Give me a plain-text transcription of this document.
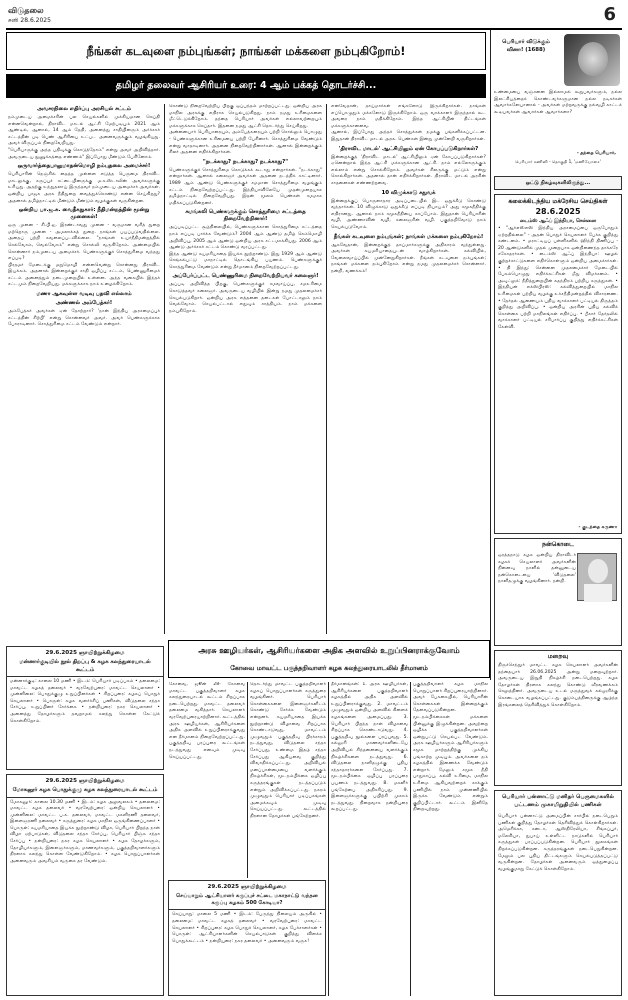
விடுதலை
சனி 28.6.2025	6
நீங்கள் கடவுளை நம்புங்கள்; நாங்கள் மக்களை நம்புகிறோம்!
தமிழர் தலைவர் ஆசிரியர் உரை: 4 ஆம் பக்கத் தொடர்ச்சி...
அவசரநிலை எதிர்ப்பு அரசியல் சட்டம்
நம்முடைய அமைச்சரின் பல செயல்களில் முக்கியமான செய்தி என்னவென்றால், திராவிட மாடல் ஆட்சி மேற்படியும் 2021 ஆம் ஆண்டில், ஆனால், 14 ஆம் தேதி, அனைத்து சாதியினரும் அர்ச்சகர் சட்டத்தின் படி பெண் ஆசிரியை உட்பட அனைவருக்கும் வழங்கியது. அவர் விருப்பம் நிறைவேறியது.
"பெரியாருக்கு அந்த பதிவுக்கு கொடுத்தோம்" என்று அவர் அறிவித்தார். அவருடைய நுணுக்கத்தை எண்ணம்" இப்போது மீண்டும் பேசினோம்.
ஒருவார்த்தைபாலுமாதன்மொழி நம்புதலை அமைச்சர்!
பெரியாரின் நெஞ்சில் தைத்த முள்ளை எடுத்த பெருமை திராவிட மாடலுக்கு, கருப்புச் சட்டையினருக்கு ம.க.ஸ்டாலின் அவர்களுக்கு உரியது. அதற்கு உந்துதலாய் இருந்தவர் நம்முடைய அமைச்சர் அவர்கள். ஒன்றிய பாஜக அரசு நீதிதுறை வைத்துக்கொண்டு என்ன செய்கிறது? அதனால் தமிழ்நாட்டில் மீண்டும் மீண்டும் வழக்குகள் வருகின்றன.
ஒன்றிய பா.ஜ.க. வைதீகநுகார்: நீதிமன்றத்தின் மூன்று முனைகள்!
ஒரு முனை - சி.பி.ஐ. இரண்டாவது முனை - வருமான வரித் துறை மற்றொரு முனை - அமலாக்கத் துறை. நாங்கள் பயப்படுவதில்லை. அதைப் பற்றி கவலைப்படவில்லை. "நாங்கள் உயர்நீதிமன்றத்தில் செல்வோம், வெல்வோம்" என்று சொல்லி வருகிறோம். அண்மையில் சொன்னார் நம்முடைய அமைச்சர். பெண்களுக்குச் சொத்துரிமை வந்தது எப்படி?
பிரதமர் மேடைக்கு மறுமொழி என்னவென்று சொன்னது திராவிட இயக்கம். அதனால் இன்றைக்குச் சாதி ஒழிப்பு சட்டம், பெண்ணுரிமைச் சட்டம் அனைத்தும் நடைமுறையில் உள்ளன. அந்த வகையில் இந்தச் சட்டமும் நிறைவேறியது. மக்களுக்காக நாம் உழைக்கிறோம்.
மணா ஆகவுள்ள வடிவு பதவி எல்லாம்
அண்ணல் அம்பேத்கர்!
அம்பேத்கர் அவர்கள் ஏன் தோற்றார்? 'நான் இந்திய அரசமைப்புச் சட்டத்தின் சிற்பி' என்று சொன்னவர் அவர். அவர் பெண்களுக்காக போராடினார். சொத்துரிமை சட்டம் வேண்டும் என்றார்.
கொண்டு நிறைவேற்றிய பிறகு ஒப்பந்தம் மாற்றப்பட்டது. ஒன்றிய அரசு மாநில அரசுக்கு எதிராக செயல்படுகிறது. நாம் நமது உரிமைகளை மீட்டெடுக்கிறோம். தந்தை பெரியார் அவர்கள் எல்லாவற்றையும் மக்களுக்காக செய்தார். இதனை நமது ஆட்சி தொடர்ந்து செய்கிறது.
அன்னையார் பெரியாரையும், அம்பேத்கரையும் பற்றி சொல்லும் பொழுது - பெண்களுக்கான உரிமையை பற்றி பேசினார். சொத்துரிமை வேண்டும் என்று வாதாடினார். அதனை நிறைவேற்றினார்கள். ஆனால் இன்றைக்கும் சிலர் அதனை எதிர்க்கிறார்கள்.
"நடக்காது? நடக்காது? நடக்காது?"
பெண்களுக்குச் சொத்துரிமை கொடுக்கக் கூடாது என்றார்கள். "நடக்காது" என்றார்கள். ஆனால் கலைஞர் அவர்கள் அதனை நடத்திக் காட்டினார். 1989 ஆம் ஆண்டு பெண்களுக்குச் சமமான சொத்துரிமை வழங்கும் சட்டம் நிறைவேற்றப்பட்டது. இந்தியாவிலேயே முதன்முறையாக தமிழ்நாட்டில் நிறைவேறியது. இதன் மூலம் பெண்கள் சமமாக மதிக்கப்படுகின்றனர்.
சுமங்கலி பெண்களுக்கும் சொத்துரிமை சட்டத்தை நிறைவேற்றினார்!
அப்படிப்பட்ட சூழ்நிலையில், பெண்களுக்கான சொத்துரிமை சட்டத்தை நாம் எப்படி பார்க்க வேண்டும்? 2004 ஆம் ஆண்டு தமிழ் செம்மொழி அறிவிப்பு, 2005 ஆம் ஆண்டு ஒன்றிய அரசு சட்டமாக்கியது. 2006 ஆம் ஆண்டு அர்ச்சகர் சட்டம் கொண்டு வரப்பட்டது.
இந்த ஆண்டு சுயமரியாதை இயக்க நூற்றாண்டு. இது 1929 ஆம் ஆண்டு செங்கல்பட்டு மாநாட்டில் தொடங்கிய பயணம். பெண்களுக்குச் சொத்துரிமை வேண்டும் என்று தீர்மானம் நிறைவேற்றப்பட்டது.
அப்பேர்ப்பட்ட பெண்ணுரிமை நிறைவேற்றியவர் கலைஞர்!
அப்படி அறிவித்த பிறகு, பெண்களுக்குச் சமவாய்ப்பு, சமஉரிமை கொடுத்தவர் கலைஞர். அவருடைய வழியில் இன்று நமது முதலமைச்சர் செயல்படுகிறார். ஒன்றிய அரசு எத்தனை தடைகள் போட்டாலும் நாம் வெல்வோம். செயல்பட்டால் எதுவும் சாத்தியம். நாம் மக்களை நம்புகிறோம்.
எனவேதான், தாய்மார்கள் எங்களோடு இருக்கிறார்கள். நாங்கள் எப்பொழுதும் மக்களோடு இருக்கிறோம். ஒரு வாக்காளர் இருந்தால் கூட அவரை நாம் மதிக்கிறோம். இந்த ஆட்சியின் திட்டங்கள் மக்களுக்கானவை.
ஆனால், இப்போது அந்தச் சொத்துக்கள் நமக்கு பங்களிக்கப்பட்டன. இதுதான் திராவிட மாடல் அரசு. பெண்கள் இன்று முன்னேறி வருகிறார்கள்.
'திராவிட மாடல்' ஆட்சியிலும் ஏன் கோபப்படுகிறார்கள்?
இன்றைக்குத் 'திராவிட மாடல்' ஆட்சியிலும் ஏன் கோபப்படுகிறார்கள்? ஏனென்றால் இந்த ஆட்சி மக்களுக்கான ஆட்சி. நாம் எல்லோருக்கும் எல்லாம் என்று சொல்கிறோம். அவர்கள் சிலருக்கு மட்டும் என்று சொல்கிறார்கள். அதனால் தான் எதிர்க்கிறார்கள். திராவிட மாடல் அரசின் சாதனைகள் எண்ணற்றவை.
10 விழுக்காடு சதுவக்
இன்றைக்குப் பொருளாதார அடிப்படையில் இட ஒதுக்கீடு கொண்டு வந்தார்கள். 10 விழுக்காடு ஒதுக்கீடு எப்படி நியாயம்? அது சமூகநீதிக்கு எதிரானது. ஆனால் நாம் சமூகநீதியை காப்போம். இதுதான் பெரியாரின் வழி, அண்ணாவின் வழி, கலைஞரின் வழி. பகுத்தறிவோடு நாம் செயல்படுவோம்.
நீங்கள் கடவுளை நம்புங்கள்; நாங்கள் மக்களை நம்புகிறோம்!
ஆகவேதான், இன்றைக்குத் தாய்மார்களுக்கு அதிகாரம் வந்துள்ளது. அவர்கள் சுயமரியாதையுடன் வாழ்கிறார்கள். கல்வியில், வேலைவாய்ப்பில் முன்னேறுகிறார்கள். நீங்கள் கடவுளை நம்புங்கள்; நாங்கள் மக்களை நம்புகிறோம் என்று நமது முதலமைச்சர் சொன்னார். நன்றி, வணக்கம்!
பெரியார் விடுக்கும் வினா! (1688)
உண்மையை வஞ்சனை இல்லாமல் கூறுபவர்களும், நல்ல இலட்சியத்தைக் கொண்டவர்களுமான நல்ல நடிகர்கள் ஆவார்களேயானால் - அவர்கள் மற்றவருக்கு நல்வழி காட்டக் கூடியவர்கள் ஆவார்கள் ஆவார்களா?
- தந்தை பெரியார்,
பெரியார் கணினி - தொகுதி 1, 'மணியோசை'
ஒட்டு நிகழ்வுகளிலிருந்து...
கலைக்கிடந்திய மக்ரேசிய செய்திகள்
28.6.2025
டைம்ஸ் ஆஃப் இந்தியா, சென்னை
• "ஆர்எஸ்எஸ் இந்திய அரசமைப்பை ஒருபோதும் ஏற்றதில்லை" - அதன் பொதுச் செயலாளர் பேச்சு குறித்து கண்டனம். • மராட்டியப் பள்ளிகளில் ஹிந்தி திணிப்பு - 20 ஆண்டுகளில் முதல் முறையாக ஒன்றிணைந்த தாக்கரே சகோதரர்கள். • டைம்ஸ் ஆஃப் இந்தியா: ஊழல் குற்றச்சாட்டுகளை எதிர்கொள்ளும் ஒன்றிய அமைச்சர்கள். • தி இந்து: சென்னை முதலமைச்சர் மேடையில் பேசும்பொழுது எதிர்க்கட்சிகள் மீது விமர்சனம். • அவுட்லுக்: நீதித்துறையின் சுதந்திரம் பற்றிய கருத்துகள். • இந்தியன் எக்ஸ்பிரஸ்: கல்வித்துறையில் மாநில உரிமைகள் பற்றிய வழக்கு உச்சநீதிமன்றத்தில் விசாரணை. • தேர்தல் ஆணையம் புதிய வாக்காளர் பட்டியல் திருத்தம் குறித்து அறிவிப்பு. • ஒன்றிய அரசின் புதிய கல்விக் கொள்கை பற்றி மாநிலங்கள் எதிர்ப்பு. • பீகார் தேர்தலில் வாக்காளர் பட்டியல் சரிபார்ப்பு குறித்து எதிர்க்கட்சிகள் கேள்வி.
- குடந்தை கருணா
நன்கொடை
ஒரத்தநாடு கழக ஒன்றிய திராவிடர் கழகச் செயலாளர் அவர்களின் நினைவு நாளில் தன்னுடைய நன்கொடையை 'விடுதலை' நாளிதழுக்கு வழங்கினார். நன்றி.
மறைவு
திருச்செந்தூர் மாவட்ட கழக செயலாளர் அவர்களின் தந்தையார் 26.06.2025 அன்று மறைவுற்றார். அவருடைய இறுதி நிகழ்ச்சி நடைபெற்றது. கழக தோழர்கள் திரளாக கலந்து கொண்டு வீரவணக்கம் செலுத்தினர். அவருடைய உடல் மருத்துவக் கல்லூரிக்கு கொடையாக வழங்கப்பட்டது. குடும்பத்தினருக்கு ஆழ்ந்த இரங்கலைத் தெரிவித்துக் கொள்கிறோம்.
பெரியார் பன்னாட்டு மனிதர் பெருமைகளில் பட்டணம் முகாமிறுதியில் பணிகள்
பெரியார் பன்னாட்டு அமைப்பின் சார்பில் நடைபெறும் பணிகள் குறித்து தோழர்கள் தெரிவித்துக் கொள்கிறார்கள். அமெரிக்கா, கனடா, ஆஸ்திரேலியா, சிங்கப்பூர், மலேசியா, துபாய் உள்ளிட்ட நாடுகளில் பெரியார் கருத்துகள் பரப்பப்படுகின்றன. பெரியார் நூலகங்கள் திறக்கப்படுகின்றன. கருத்தரங்குகள் நடைபெறுகின்றன. மேலும் பல புதிய திட்டங்களும் செயல்படுத்தப்பட்டு வருகின்றன. தோழர்கள் அனைவரும் ஒத்துழைப்பு வழங்குமாறு கேட்டுக் கொள்கிறோம்.
29.6.2025 ஞாயிற்றுக்கிழமை
மன்னார்குடியில் நூல் திறப்பு & கழக கலந்துரையாடல் கூட்டம்
மன்னார்குடி: காலை 10 மணி • இடம்: பெரியார் படிப்பகம் • தலைமை: மாவட்ட கழகத் தலைவர் • வரவேற்புரை: மாவட்ட செயலாளர் • முன்னிலை: பொதுக்குழு உறுப்பினர்கள் • சிறப்புரை: கழகப் பொதுச் செயலாளர் • பொருள்: கழக வளர்ச்சிப் பணிகள், விடுதலை சந்தா சேர்ப்பு, உறுப்பினர் சேர்க்கை • நன்றியுரை: நகர செயலாளர் • அனைத்து தோழர்களும் தவறாமல் கலந்து கொள்ள கேட்டுக் கொள்கிறோம்.
29.6.2025 ஞாயிற்றுக்கிழமை
மோகனூர் கழக பொதுக்குழு கழக கலந்துரையாடல் கூட்டம்
மோகனூர்: காலை 10.30 மணி • இடம்: கழக அலுவலகம் • தலைமை: மாவட்ட கழக தலைவர் • வரவேற்புரை: ஒன்றிய செயலாளர் • முன்னிலை: மாவட்ட ப.க. தலைவர், மாவட்ட மகளிரணி தலைவர், இளைஞரணி தலைவர் • கருத்துரை: கழக மாநில ஒருங்கிணைப்பாளர் • பொருள்: சுயமரியாதை இயக்க நூற்றாண்டு விழா, பெரியார் பிறந்த நாள் விழா ஏற்பாடுகள், விடுதலை சந்தா சேர்ப்பு, பெரியார் பிஞ்சு சந்தா சேர்ப்பு • நன்றியுரை: நகர கழக செயலாளர் • கழக தோழர்களும், தோழியர்களும், இளைஞர்களும், மாணவர்களும், பகுத்தறிவாளர்களும் திரளாக கலந்து கொள்ள வேண்டுகிறோம். • கழக பொறுப்பாளர்கள் அனைவரும் அவசியம் வருகை தர வேண்டும்.
அரசு ஊழியர்கள், ஆசிரியர்களை அதிக அளவில் உறுப்பினராக்குவோம்
கோவை மாவட்ட பகுத்தறிவாளர் கழக கலந்துரையாடலில் தீர்மானம்
கோவை, ஜூன் 28- கோவை மாவட்ட பகுத்தறிவாளர் கழக கலந்துரையாடல் கூட்டம் சிறப்பாக நடைபெற்றது. மாவட்ட தலைவர் தலைமை வகித்தார். செயலாளர் வரவேற்புரையாற்றினார். கூட்டத்தில் அரசு ஊழியர்கள், ஆசிரியர்களை அதிக அளவில் உறுப்பினராக்குவது என தீர்மானம் நிறைவேற்றப்பட்டது. பகுத்தறிவு பரப்புரை கூட்டங்கள் நடத்துவது எனவும் முடிவு செய்யப்பட்டது.
தொடர்ந்து மாவட்ட பகுத்தறிவாளர் கழகப் பொறுப்பாளர்கள் கருத்துரை வழங்கினர். பெரியார் கொள்கைகளை இளைஞர்களிடம் கொண்டு சேர்க்க வேண்டும் என்றனர். சுயமரியாதை இயக்க நூற்றாண்டு விழாவை சிறப்பாக கொண்டாடுவது, மாவட்டம் முழுவதும் பகுத்தறிவு பிரச்சாரம் நடத்துவது, விடுதலை சந்தா சேர்ப்பது, உண்மை இதழ் சந்தா சேர்ப்பது ஆகியவை குறித்து விவாதிக்கப்பட்டது. அறிவியல் மனப்பான்மையை வளர்க்கும் நிகழ்ச்சிகள், மூடநம்பிக்கை ஒழிப்பு கருத்தரங்குகள் நடத்தப்படும் என்றும் அறிவிக்கப்பட்டது. நகரம் முழுவதும் பெரியார் படிப்பகங்கள் அமைக்கவும் முடிவு செய்யப்பட்டது. கூட்டத்தில் திரளான தோழர்கள் பங்கேற்றனர்.
தீர்மானங்கள்: 1. அரசு ஊழியர்கள், ஆசிரியர்களை பகுத்தறிவாளர் கழகத்தில் அதிக அளவில் உறுப்பினராக்குவது. 2. மாவட்டம் முழுவதும் ஒன்றிய அளவில் கிளைக் கழகங்களை அமைப்பது. 3. பெரியார் பிறந்த நாள் விழாவை சிறப்பாக கொண்டாடுவது. 4. பகுத்தறிவு நூல்களை பரப்புவது. 5. கல்லூரி மாணவர்களிடையே அறிவியல் சிந்தனையை வளர்க்கும் நிகழ்ச்சிகளை நடத்துவது. 6. விடுதலை நாளிதழுக்கு புதிய சந்தாதாரர்களை சேர்ப்பது. 7. மூடநம்பிக்கை ஒழிப்பு பரப்புரை பயணம் நடத்துவது. 8. மகளிர் பங்கேற்பை அதிகரிப்பது. 9. இளைஞர்களுக்கு பயிற்சி முகாம் நடத்துவது. நிறைவாக நன்றியுரை கூறப்பட்டது.
பகுத்தறிவாளர் கழக மாநில பொறுப்பாளர் சிறப்புரையாற்றினார். அவர் பேசுகையில், பெரியாரின் கொள்கைகள் இன்றைக்கும் தேவைப்படுகின்றன. மூடநம்பிக்கைகள் மக்களை பின்னுக்கு இழுக்கின்றன. அவற்றை ஒழிக்க பகுத்தறிவாளர்கள் ஒன்றுபட்டு செயல்பட வேண்டும். அரசு ஊழியர்களும் ஆசிரியர்களும் சமூக மாற்றத்திற்கு முக்கிய பங்காற்ற முடியும். அவர்களை நம் கழகத்தில் இணைக்க வேண்டும் என்றார். மேலும் சமூக நீதி பாதுகாப்பு, கல்வி உரிமை, மாநில உரிமை ஆகியவற்றைக் காக்கும் பணியில் நாம் முன்னணியில் இருக்க வேண்டும் என்றும் குறிப்பிட்டார். கூட்டம் இனிதே நிறைவுற்றது.
29.6.2025 ஞாயிற்றுக்கிழமை
செய்யாறும் ஆட்சியாளர் கருப்புச் சட்டை மகாநாட்டு வந்தன கருப்பு கழகம் 500 கோடியா?
செய்யாறு: மாலை 5 மணி • இடம்: பேருந்து நிலையம் அருகில் • தலைமை: மாவட்ட கழகத் தலைவர் • வரவேற்புரை: மாவட்ட செயலாளர் • சிறப்புரை: கழக பொதுச் செயலாளர், கழக பேச்சாளர்கள் • பொருள்: ஆட்சியாளர்களின் செயல்பாடுகள் குறித்து விளக்க பொதுக்கூட்டம் • நன்றியுரை: நகர தலைவர் • அனைவரும் வருக!
